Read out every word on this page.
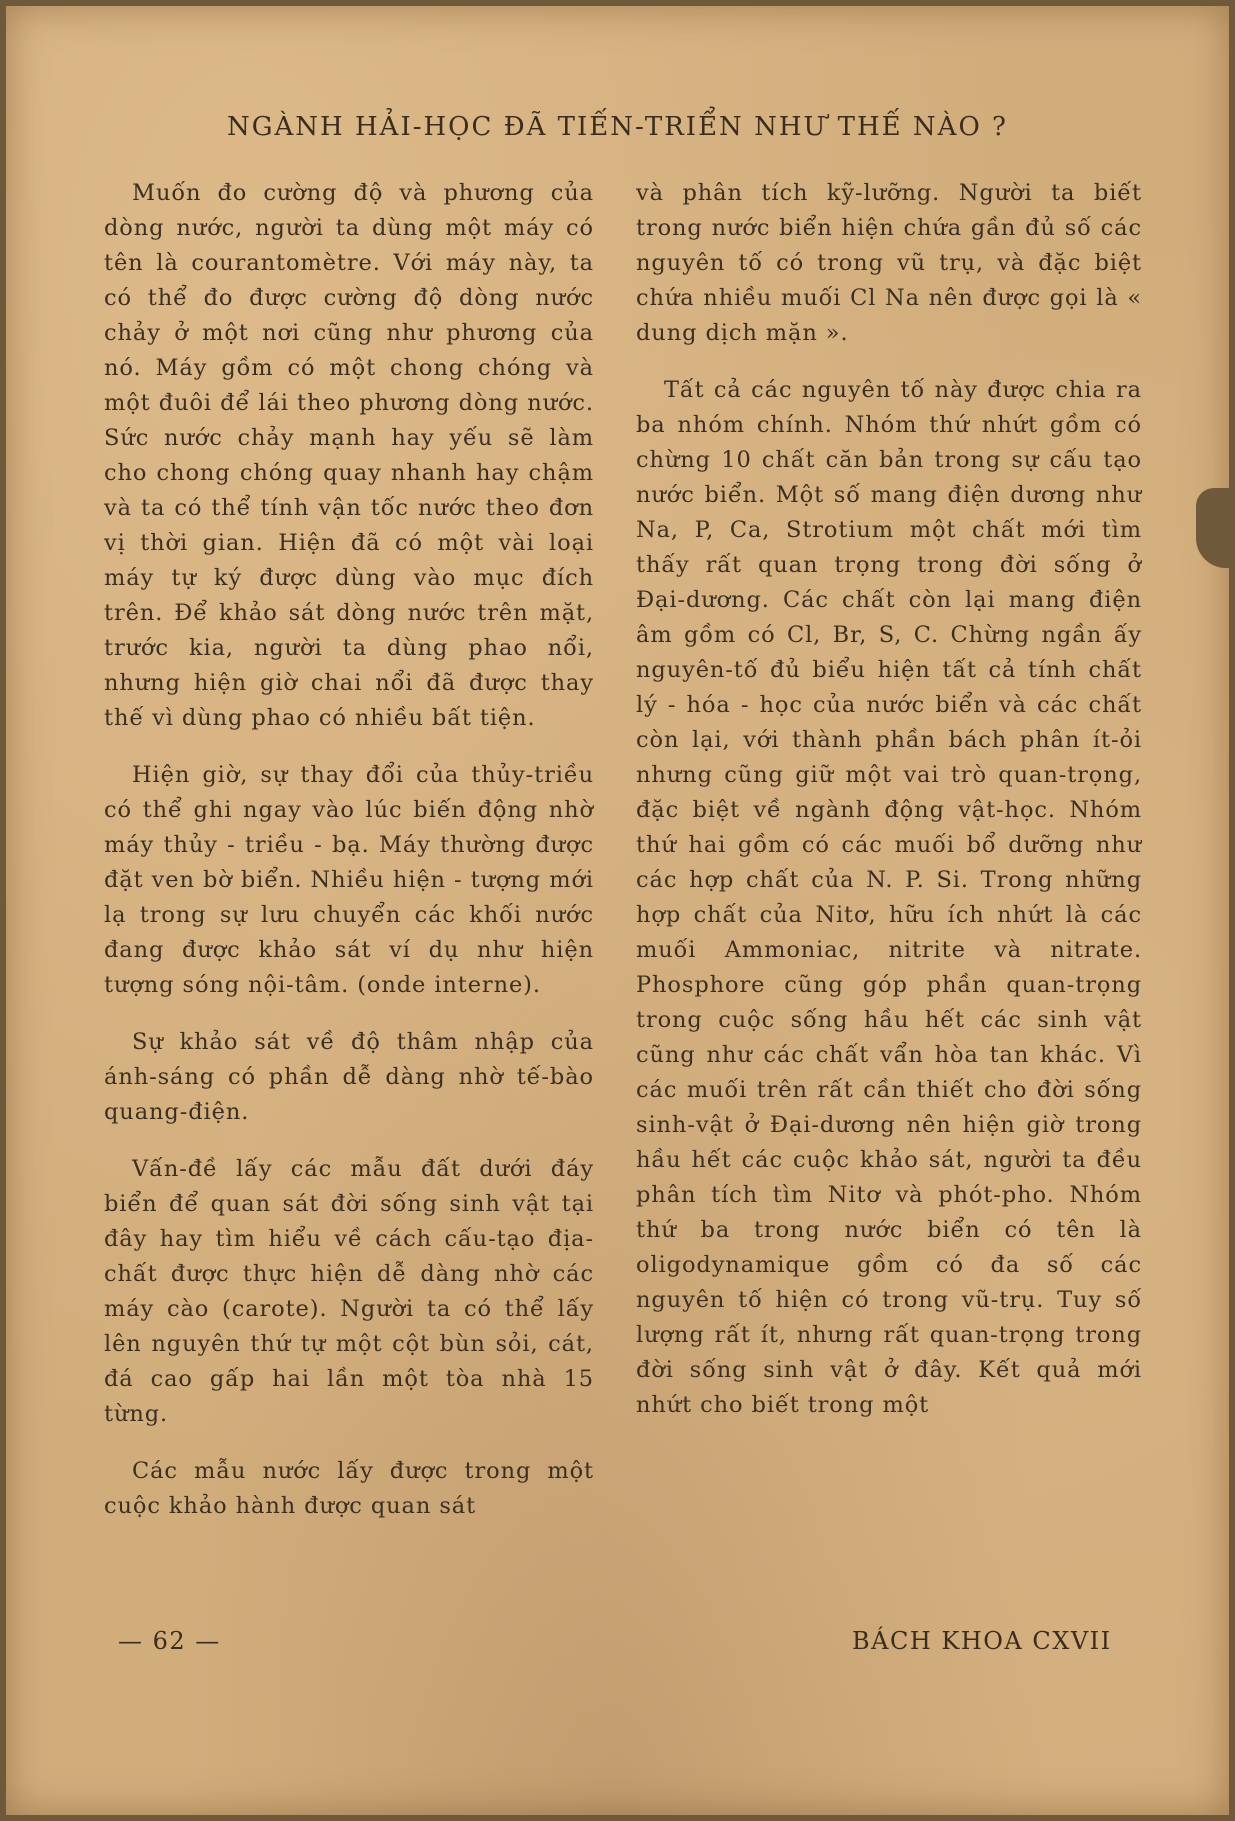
NGÀNH HẢI-HỌC ĐÃ TIẾN-TRIỂN NHƯ THẾ NÀO ?

Muốn đo cường độ và phương của dòng nước, người ta dùng một máy có tên là courantomètre. Với máy này, ta có thể đo được cường độ dòng nước chảy ở một nơi cũng như phương của nó. Máy gồm có một chong chóng và một đuôi để lái theo phương dòng nước. Sức nước chảy mạnh hay yếu sẽ làm cho chong chóng quay nhanh hay chậm và ta có thể tính vận tốc nước theo đơn vị thời gian. Hiện đã có một vài loại máy tự ký được dùng vào mục đích trên. Để khảo sát dòng nước trên mặt, trước kia, người ta dùng phao nổi, nhưng hiện giờ chai nổi đã được thay thế vì dùng phao có nhiều bất tiện.

Hiện giờ, sự thay đổi của thủy-triều có thể ghi ngay vào lúc biến động nhờ máy thủy - triều - bạ. Máy thường được đặt ven bờ biển. Nhiều hiện - tượng mới lạ trong sự lưu chuyển các khối nước đang được khảo sát ví dụ như hiện tượng sóng nội-tâm. (onde interne).

Sự khảo sát về độ thâm nhập của ánh-sáng có phần dễ dàng nhờ tế-bào quang-điện.

Vấn-đề lấy các mẫu đất dưới đáy biển để quan sát đời sống sinh vật tại đây hay tìm hiểu về cách cấu-tạo địa-chất được thực hiện dễ dàng nhờ các máy cào (carote). Người ta có thể lấy lên nguyên thứ tự một cột bùn sỏi, cát, đá cao gấp hai lần một tòa nhà 15 từng.

Các mẫu nước lấy được trong một cuộc khảo hành được quan sát

và phân tích kỹ-lưỡng. Người ta biết trong nước biển hiện chứa gần đủ số các nguyên tố có trong vũ trụ, và đặc biệt chứa nhiều muối Cl Na nên được gọi là « dung dịch mặn ».

Tất cả các nguyên tố này được chia ra ba nhóm chính. Nhóm thứ nhứt gồm có chừng 10 chất căn bản trong sự cấu tạo nước biển. Một số mang điện dương như Na, P, Ca, Strotium một chất mới tìm thấy rất quan trọng trong đời sống ở Đại-dương. Các chất còn lại mang điện âm gồm có Cl, Br, S, C. Chừng ngần ấy nguyên-tố đủ biểu hiện tất cả tính chất lý - hóa - học của nước biển và các chất còn lại, với thành phần bách phân ít-ỏi nhưng cũng giữ một vai trò quan-trọng, đặc biệt về ngành động vật-học. Nhóm thứ hai gồm có các muối bổ dưỡng như các hợp chất của N. P. Si. Trong những hợp chất của Nitơ, hữu ích nhứt là các muối Ammoniac, nitrite và nitrate. Phosphore cũng góp phần quan-trọng trong cuộc sống hầu hết các sinh vật cũng như các chất vẩn hòa tan khác. Vì các muối trên rất cần thiết cho đời sống sinh-vật ở Đại-dương nên hiện giờ trong hầu hết các cuộc khảo sát, người ta đều phân tích tìm Nitơ và phót-pho. Nhóm thứ ba trong nước biển có tên là oligodynamique gồm có đa số các nguyên tố hiện có trong vũ-trụ. Tuy số lượng rất ít, nhưng rất quan-trọng trong đời sống sinh vật ở đây. Kết quả mới nhứt cho biết trong một

— 62 —	BÁCH KHOA CXVII
